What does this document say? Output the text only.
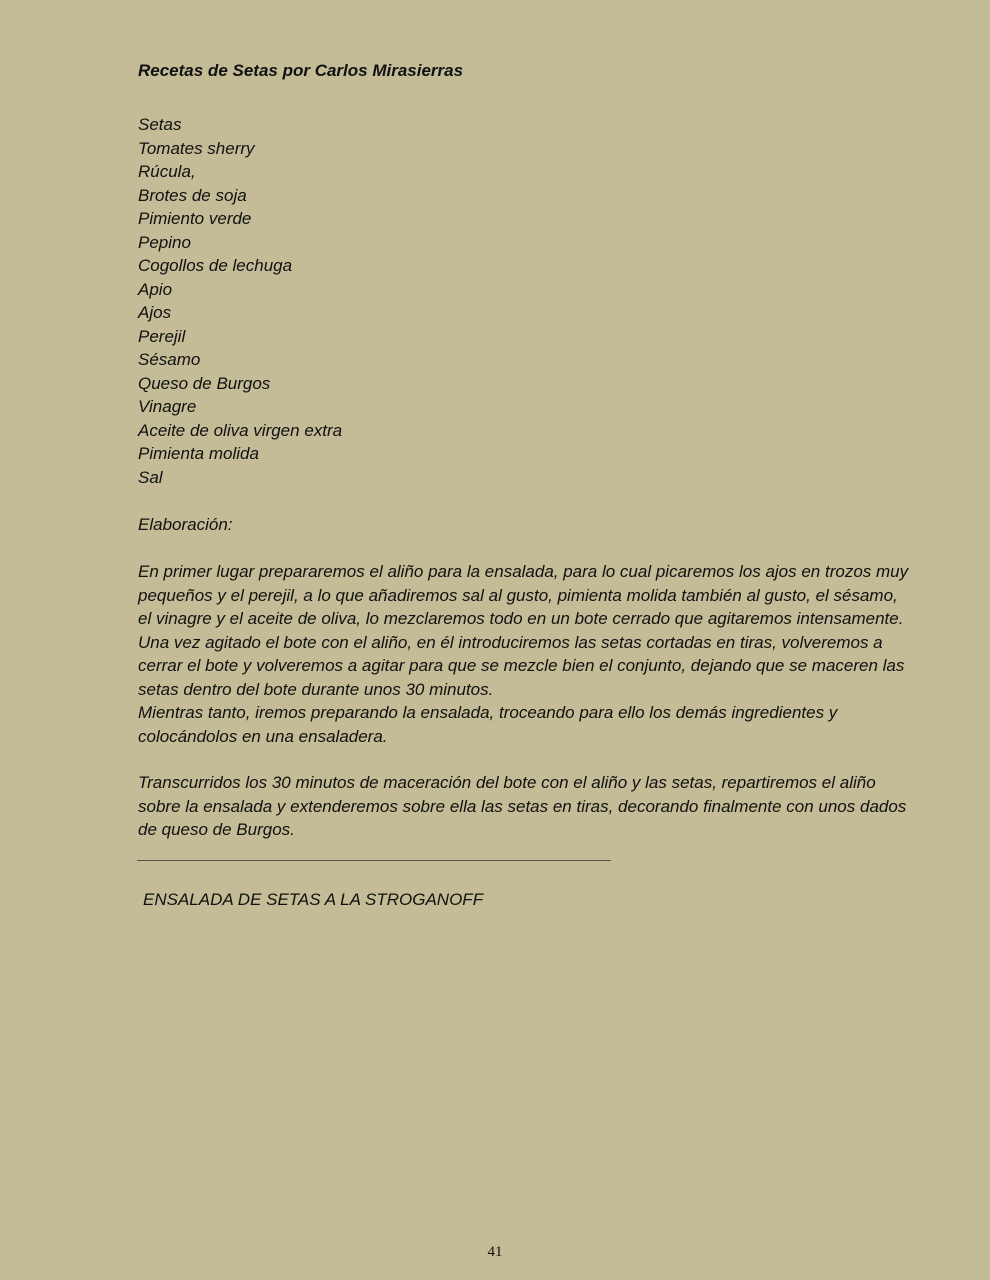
Recetas de Setas por Carlos Mirasierras
Setas
Tomates sherry
Rúcula,
Brotes de soja
Pimiento verde
Pepino
Cogollos de lechuga
Apio
Ajos
Perejil
Sésamo
Queso de Burgos
Vinagre
Aceite de oliva virgen extra
Pimienta molida
Sal
Elaboración:

En primer lugar prepararemos el aliño para la ensalada, para lo cual picaremos los ajos en trozos muy pequeños y el perejil, a lo que añadiremos sal al gusto, pimienta molida también al gusto, el sésamo, el vinagre y el aceite de oliva, lo mezclaremos todo en un bote cerrado que agitaremos intensamente. Una vez agitado el bote con el aliño, en él introduciremos las setas cortadas en tiras, volveremos a cerrar el bote y volveremos a agitar para que se mezcle bien el conjunto, dejando que se maceren las setas dentro del bote durante unos 30 minutos.

Mientras tanto, iremos preparando la ensalada, troceando para ello los demás ingredientes y colocándolos en una ensaladera.

Transcurridos los 30 minutos de maceración del bote con el aliño y las setas, repartiremos el aliño sobre la ensalada y extenderemos sobre ella las setas en tiras, decorando finalmente con unos dados de queso de Burgos.

ENSALADA DE SETAS A LA STROGANOFF
41
